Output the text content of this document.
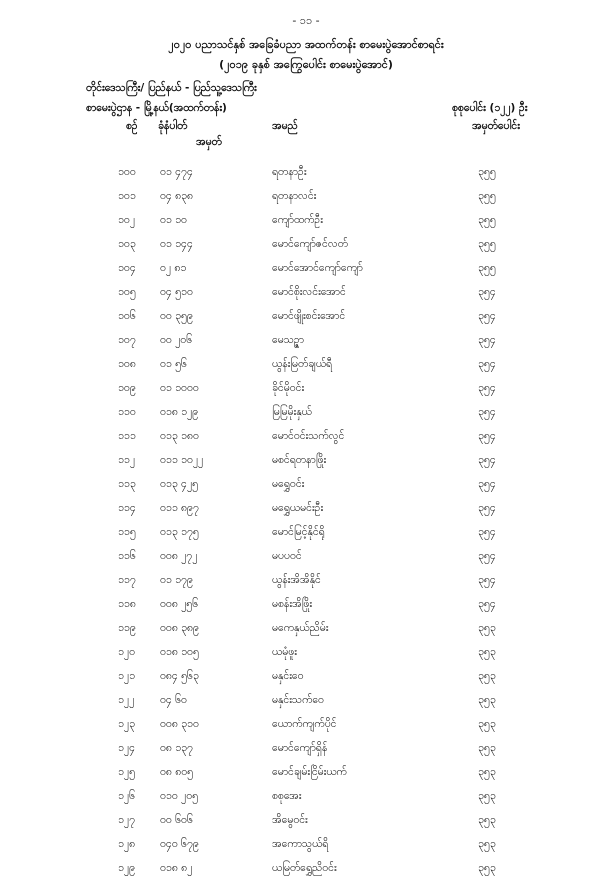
- ၁၁ -
၂၀၂၀ ပညာသင်နှစ် အခြေခံပညာ အထက်တန်း စာမေးပွဲအောင်စာရင်း
(၂၀၁၉ ခုနှစ် အကြွေပေါင်း စာမေးပွဲအောင်)
တိုင်းဒေသကြီး/ ပြည်နယ် - ပြည်သူ့ဒေသကြီး
စာမေးပွဲဌာန - မြို့နယ်(အထက်တန်း)	စုစုပေါင်း (၁၂၂) ဦး
စဉ် ခုံနံပါတ်
အမှတ်
အမည်	အမှတ်ပေါင်း
၁၀၀ ၀၁ ၄၇၄	ရတနာဦး	၃၅၅
၁၀၁ ၀၄ ၈၃၈	ရတနာလင်း	၃၅၅
၁၀၂ ၀၁ ၁၀	ကျော်ထက်ဦး	၃၅၅
၁၀၃ ၀၁ ၁၄၄	မောင်ကျော်ဇင်လတ်	၃၅၅
၁၀၄ ၀၂ ၈၁	မောင်အောင်ကျော်ကျော်	၃၅၅
၁၀၅ ၀၄ ၅၁၀	မောင်စိုးလင်းအောင်	၃၅၄
၁၀၆ ၀၀ ၃၅၉	မောင်ဖျိုးစင်းအောင်	၃၅၄
၁၀၇ ၀၀ ၂၀၆	မေသဉ္ဇာ	၃၅၄
၁၀၈ ၀၁ ၅၆	ယွန်းမြတ်ချယ်ရီ	၃၅၄
၁၀၉ ၀၁ ၁၀၀၀	ခိုင်မိုဝင်း	၃၅၄
၁၁၀ ၀၁၈ ၁၂၉	မြမြမိုးနှယ်	၃၅၄
၁၁၁ ၀၁၃ ၁၈၀	မောင်ဝင်းသက်လွင်	၃၅၄
၁၁၂ ၀၁၁ ၁၀၂၂	မစင်ရတနာဖြိုး	၃၅၄
၁၁၃ ၀၁၃ ၄၂၅	မရွှေဝင်း	၃၅၄
၁၁၄ ၀၁၁ ၈၉၇	မရွှေယမင်းဦး	၃၅၄
၁၁၅ ၀၁၃ ၁၇၅	မောင်မြင့်နိုင်ရို	၃၅၄
၁၁၆ ၀၀၈ ၂၇၂	မပပဝင်	၃၅၄
၁၁၇ ၀၁ ၁၇၉	ယွန်းအိအိနိုင်	၃၅၄
၁၁၈ ၀၀၈ ၂၅၆	မစန်းအိဖြိုး	၃၅၄
၁၁၉ ၀၀၈ ၃၈၉	မကေနှယ်ညိမ်း	၃၅၃
၁၂၀ ၀၁၈ ၁၀၅	ယမုံဖူး	၃၅၃
၁၂၁ ၀၈၄ ၅၆၃	မနှင်းဝေ	၃၅၃
၁၂၂ ၀၄ ၆၀	မနှင်းသက်ဝေ	၃၅၃
၁၂၃ ၀၀၈ ၃၁၀	ယောက်ကျက်ပိုင်	၃၅၃
၁၂၄ ၀၈ ၁၃၇	မောင်ကျော်ရှိန်	၃၅၃
၁၂၅ ၀၈ ၈၀၅	မောင်ချမ်းငြိမ်းယက်	၃၅၃
၁၂၆ ၀၁၀ ၂၀၅	စစုအေး	၃၅၃
၁၂၇ ၀၀ ၆၀၆	အိမွေဝင်း	၃၅၃
၁၂၈ ၀၄၀ ၆၇၉	အကောသွယ်ရိ	၃၅၃
၁၂၉ ၀၁၈ ၈၂	ယမြတ်ရွှေညိဝင်း	၃၅၃
